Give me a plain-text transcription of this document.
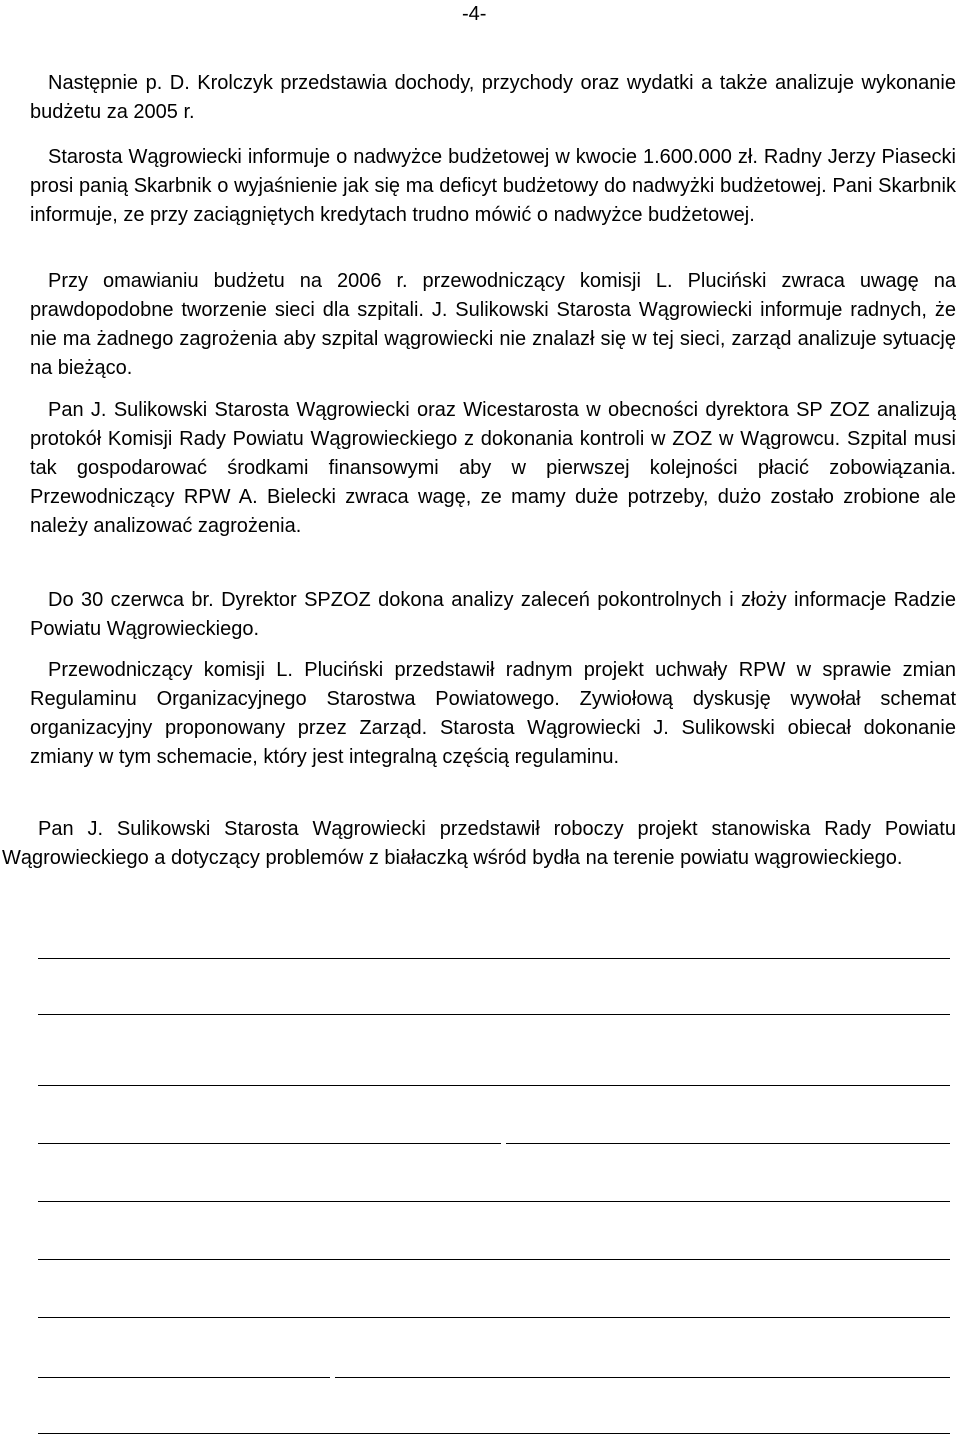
-4-

Następnie p. D. Krolczyk przedstawia dochody, przychody oraz wydatki a także analizuje wykonanie budżetu za 2005 r.

Starosta Wągrowiecki informuje o nadwyżce budżetowej w kwocie 1.600.000 zł. Radny Jerzy Piasecki prosi panią Skarbnik o wyjaśnienie jak się ma deficyt budżetowy do nadwyżki budżetowej. Pani Skarbnik informuje, ze przy zaciągniętych kredytach trudno mówić o nadwyżce budżetowej.

Przy omawianiu budżetu na 2006 r. przewodniczący komisji L. Pluciński zwraca uwagę na prawdopodobne tworzenie sieci dla szpitali. J. Sulikowski Starosta Wągrowiecki informuje radnych, że nie ma żadnego zagrożenia aby szpital wągrowiecki nie znalazł się w tej sieci, zarząd analizuje sytuację na bieżąco.

Pan J. Sulikowski Starosta Wągrowiecki oraz Wicestarosta w obecności dyrektora SP ZOZ analizują protokół Komisji Rady Powiatu Wągrowieckiego z dokonania kontroli w ZOZ w Wągrowcu. Szpital musi tak gospodarować środkami finansowymi aby w pierwszej kolejności płacić zobowiązania. Przewodniczący RPW A. Bielecki zwraca wagę, ze mamy duże potrzeby, dużo zostało zrobione ale należy analizować zagrożenia.

Do 30 czerwca br. Dyrektor SPZOZ dokona analizy zaleceń pokontrolnych i złoży informacje Radzie Powiatu Wągrowieckiego.

Przewodniczący komisji L. Pluciński przedstawił radnym projekt uchwały RPW w sprawie zmian Regulaminu Organizacyjnego Starostwa Powiatowego. Zywiołową dyskusję wywołał schemat organizacyjny proponowany przez Zarząd. Starosta Wągrowiecki J. Sulikowski obiecał dokonanie zmiany w tym schemacie, który jest integralną częścią regulaminu.

Pan J. Sulikowski Starosta Wągrowiecki przedstawił roboczy projekt stanowiska Rady Powiatu Wągrowieckiego a dotyczący problemów z białaczką wśród bydła na terenie powiatu wągrowieckiego.
